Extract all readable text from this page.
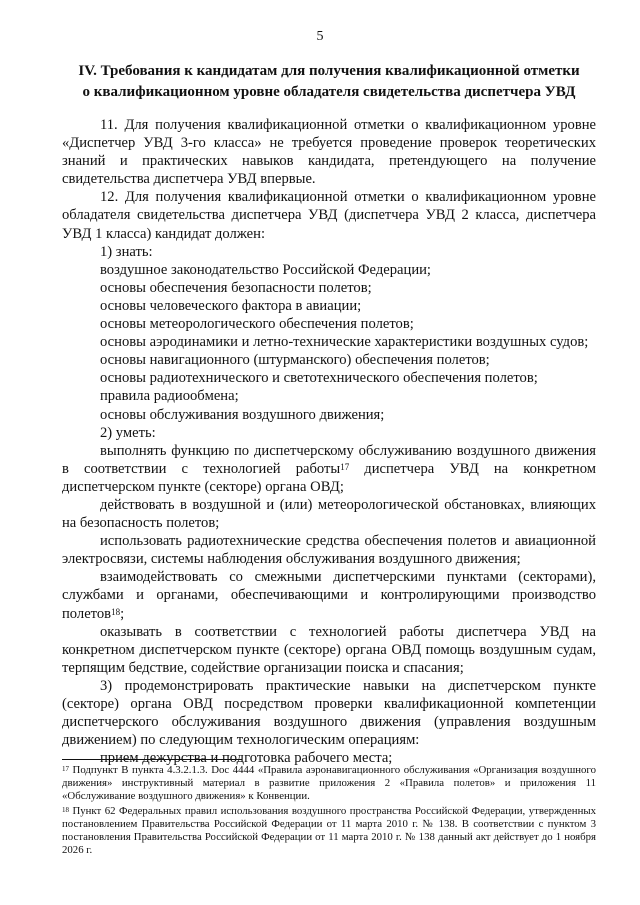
5
IV. Требования к кандидатам для получения квалификационной отметки
о квалификационном уровне обладателя свидетельства диспетчера УВД

11. Для получения квалификационной отметки о квалификационном уровне «Диспетчер УВД 3-го класса» не требуется проведение проверок теоретических знаний и практических навыков кандидата, претендующего на получение свидетельства диспетчера УВД впервые.

12. Для получения квалификационной отметки о квалификационном уровне обладателя свидетельства диспетчера УВД (диспетчера УВД 2 класса, диспетчера УВД 1 класса) кандидат должен:

1) знать:

воздушное законодательство Российской Федерации;

основы обеспечения безопасности полетов;

основы человеческого фактора в авиации;

основы метеорологического обеспечения полетов;

основы аэродинамики и летно-технические характеристики воздушных судов;

основы навигационного (штурманского) обеспечения полетов;

основы радиотехнического и светотехнического обеспечения полетов;

правила радиообмена;

основы обслуживания воздушного движения;

2) уметь:

выполнять функцию по диспетчерскому обслуживанию воздушного движения в соответствии с технологией работы$^{17}$ диспетчера УВД на конкретном диспетчерском пункте (секторе) органа ОВД;

действовать в воздушной и (или) метеорологической обстановках, влияющих на безопасность полетов;

использовать радиотехнические средства обеспечения полетов и авиационной электросвязи, системы наблюдения обслуживания воздушного движения;

взаимодействовать со смежными диспетчерскими пунктами (секторами), службами и органами, обеспечивающими и контролирующими производство полетов$^{18}$;

оказывать в соответствии с технологией работы диспетчера УВД на конкретном диспетчерском пункте (секторе) органа ОВД помощь воздушным судам, терпящим бедствие, содействие организации поиска и спасания;

3) продемонстрировать практические навыки на диспетчерском пункте (секторе) органа ОВД посредством проверки квалификационной компетенции диспетчерского обслуживания воздушного движения (управления воздушным движением) по следующим технологическим операциям:

прием дежурства и подготовка рабочего места;

$^{17}$ Подпункт В пункта 4.3.2.1.3. Doc 4444 «Правила аэронавигационного обслуживания «Организация воздушного движения» инструктивный материал в развитие приложения 2 «Правила полетов» и приложения 11 «Обслуживание воздушного движения» к Конвенции.

$^{18}$ Пункт 62 Федеральных правил использования воздушного пространства Российской Федерации, утвержденных постановлением Правительства Российской Федерации от 11 марта 2010 г. № 138. В соответствии с пунктом 3 постановления Правительства Российской Федерации от 11 марта 2010 г. № 138 данный акт действует до 1 ноября 2026 г.
